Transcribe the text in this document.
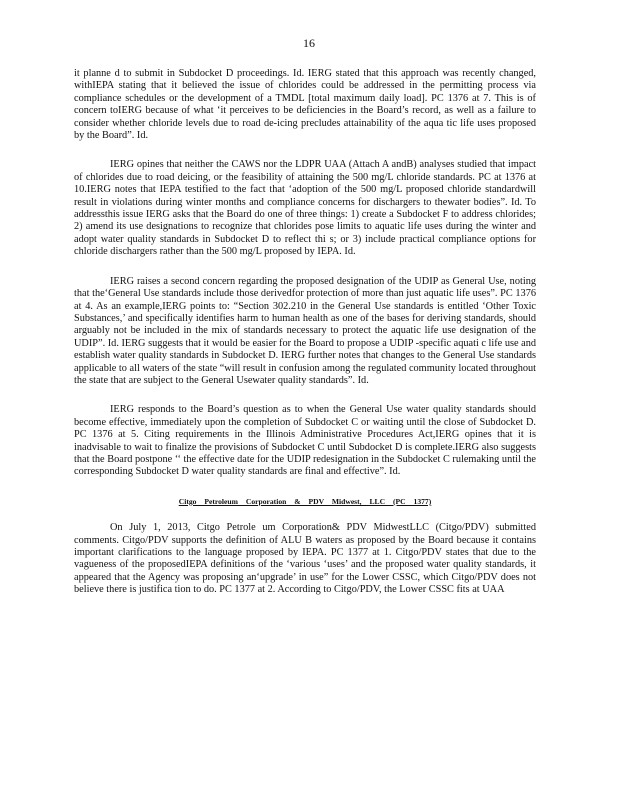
16

it planne d to submit in Subdocket D proceedings. Id. IERG stated that this approach was recently changed, withIEPA stating that it believed the issue of chlorides could be addressed in the permitting process via compliance schedules or the development of a TMDL [total maximum daily load]. PC 1376 at 7. This is of concern toIERG because of what ‘it perceives to be deficiencies in the Board’s record, as well as a failure to consider whether chloride levels due to road de-icing precludes attainability of the aqua tic life uses proposed by the Board”. Id.

IERG opines that neither the CAWS nor the LDPR UAA (Attach A andB) analyses studied that impact of chlorides due to road deicing, or the feasibility of attaining the 500 mg/L chloride standards. PC at 1376 at 10.IERG notes that IEPA testified to the fact that ‘adoption of the 500 mg/L proposed chloride standardwill result in violations during winter months and compliance concerns for dischargers to thewater bodies”. Id. To addressthis issue IERG asks that the Board do one of three things: 1) create a Subdocket F to address chlorides; 2) amend its use designations to recognize that chlorides pose limits to aquatic life uses during the winter and adopt water quality standards in Subdocket D to reflect thi s; or 3) include practical compliance options for chloride dischargers rather than the 500 mg/L proposed by IEPA. Id.

IERG raises a second concern regarding the proposed designation of the UDIP as General Use, noting that the‘General Use standards include those derivedfor protection of more than just aquatic life uses”. PC 1376 at 4. As an example,IERG points to: “Section 302.210 in the General Use standards is entitled ‘Other Toxic Substances,’ and specifically identifies harm to human health as one of the bases for deriving standards, should arguably not be included in the mix of standards necessary to protect the aquatic life use designation of the UDIP”. Id. IERG suggests that it would be easier for the Board to propose a UDIP -specific aquati c life use and establish water quality standards in Subdocket D. IERG further notes that changes to the General Use standards applicable to all waters of the state “will result in confusion among the regulated community located throughout the state that are subject to the General Usewater quality standards”. Id.

IERG responds to the Board’s question as to when the General Use water quality standards should become effective, immediately upon the completion of Subdocket C or waiting until the close of Subdocket D. PC 1376 at 5. Citing requirements in the Illinois Administrative Procedures Act,IERG opines that it is inadvisable to wait to finalize the provisions of Subdocket C until Subdocket D is complete.IERG also suggests that the Board postpone ‘‘ the effective date for the UDIP redesignation in the Subdocket C rulemaking until the corresponding Subdocket D water quality standards are final and effective”. Id.

Citgo Petroleum Corporation & PDV Midwest, LLC (PC 1377)

On July 1, 2013, Citgo Petrole um Corporation& PDV MidwestLLC (Citgo/PDV) submitted comments. Citgo/PDV supports the definition of ALU B waters as proposed by the Board because it contains important clarifications to the language proposed by IEPA. PC 1377 at 1. Citgo/PDV states that due to the vagueness of the proposedIEPA definitions of the ‘various ‘uses’ and the proposed water quality standards, it appeared that the Agency was proposing an‘upgrade’ in use” for the Lower CSSC, which Citgo/PDV does not believe there is justifica tion to do. PC 1377 at 2. According to Citgo/PDV, the Lower CSSC fits at UAA
